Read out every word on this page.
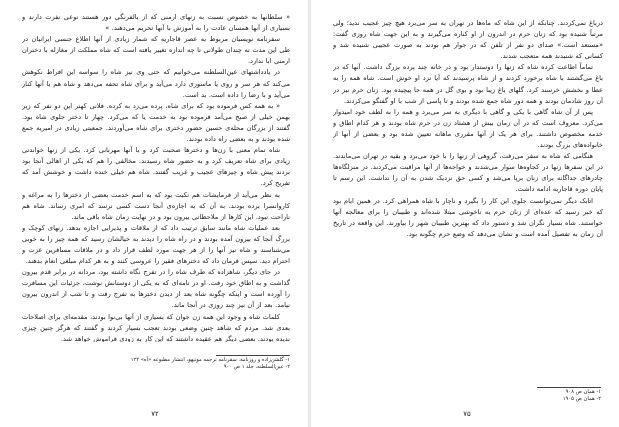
« سلطانها به خصوص نسبت به زنهای ارمنی که از بالفرنگی دور هستند نوعی نفرت دارند و بسیاری از آنها همسان عادت را به آموزش با آنها تحریم می‌دهند. »

سفرنامه نویسیان مربوط به عصر قاجاریه که شمار زیادی از آنها اطلاع جنسی ایرانیان در طی این مدت نه چندان طولانی تا چه اندازه تغییر یافته است که شاه مملکت از مغازله با دختران ارمنی ابا ندارد.

در یادداشتهای عین‌السلطنه می‌خوانیم که حتی وی نیز شاه را سواسه این افراط نکوهش می‌کند که هر سر و روی یا ماسوری دارد می‌آید و برای شاه تحفه می‌دهد و شاه هم با آنها کنار می‌آید و با رضا را داده است. بد است.

« به همه کس فرموده بود که برای شاه، پرده می‌زد به کرده. فلانی کهتر این دو نفر که زیر بهمن خیلی از صبح می‌آمد فرموده بود به خدمت یا که می‌کرد. چهار تا دختر جلوی شاه بود. گفتند از بزرگان محله‌ی حسین حضور دختری برای شاه می‌آوردند. جمعیتی زیادی در امیریه جمع شده بودند و به بعضی راه داده بودند.

شاه تمام معنی با زن‌ها و دخترها صحبت کرد و با آنها مهربانی کرد. یکی از زنها خواندنی زیادی برای شاه تعریف کرد و به حضور شاه رسیدند. مخالفی را هم که یکی از اهالی آنجا بود بردند پیش شاه و چیزهای عجیب و غریب گفتند. شاه هم خیلی خنده داشت و خوشش آمد که تفریح کرد.

به نظر می‌آید از فرمایشات هم نکبت بود که به اسم خدمت بعضی از دخترها را به مراغه و کاروانسرا برده بودند. به آن که به اجازه‌ی آنجا دست کسی نرسد که امری رساند. شاه هم ناراحت نبود. این کارها از ملاحظاتی بیرون بود و در نهایت زمان شاه باقی ماند.

بعد عملیات شاه مانند سابق ترتیب داد که از ملاقات و پذیرایی اجازه بدهد. زنهای کوچک و بزرگ آنجا که بیرون آمده بودند و در راه شاه را دیدند به خیالشان رسید که همه چیز را به خوبی می‌شناسند و شاه نیز آنها را از هر جهت مورد لطف قرار داد و در ملاقات مسافرین عزت و احترام دید. سپس فرمان داد که دخترهای فقیر را عروسی کنند و به هر کدام مبلغی انعام بدهند.

در جای دیگر، شاهزاده که طرف شاه را در تفرج نگاه داشته بود، مردانه در برابر قدم بیرون گذاشت و به اطاق خود رفت. او در نامه‌ای که به یکی از دوستانش نوشت، جزئیات این مسافرت را آورده است و اینکه چگونه شاه بعد از دیدن دخترها به تفرج رفت و تا شب از اندرون بیرون نیامد. بعد از آن نیز چند روزی در آنجا ماند.

کلمات شاه و وجود این همه زن جوان که بسیاری از آنها بی‌نوا بودند، مقدمه‌ای برای اصلاحات بعدی شد. مردم که شاهد چنین وضعی بودند تعجب بسیار کردند و گفتند که هرگز چنین چیزی ندیده بودند. بعضی دیگر هم عقیده داشتند که این کار به زودی فراموش خواهد شد.

۱- گلشن‌زاده و روزنامه. سفرنامه ترجمه مونیهو، انتشار مطبوعه «آه» ۱۲۲
۲- عین‌السلطنه، جلد ۱ ص ۹۰۰
۷۲

درباغ نمی‌کردند. چنانکه از این شاه که ماه‌ها در تهران به سر می‌برد هیچ چیز عجیب ندید؛ ولی مرتباً شنیده بود که زنان حرم در اندرون از او کناره می‌گیرند و به این جهت شاه روزی گفت: «مستعد است.» صدای دو نفر از تلفن که در جوار هم بودند به صورت عجیبی شنیده شد و کسانی که شنیدند همه متعجب شدند.

تماماً اطاعت کرده شاه که زنها را دوستدار بود و در خانه چند پرده بزرگ داشت. آنها که در باغ می‌گشتند با شاه برخورد کردند و از شاه پرسیدند که آیا نزد او خوش است. شاه همه را به عطا و بخشش خرسند کرد. گلهای باغ زیبا بود و بوی گل در همه جا پیچیده بود. زنان حرم نیز در آن روز شادمان بودند و همه دور شاه جمع شده بودند و تا پاسی از شب با او گفتگو می‌کردند.

پس از آن شاه گاهی با یکی و گاهی با دیگری به سر می‌برد و همه را به لطف خود امیدوار می‌کرد. معروف است که در آن زمان بیش از هشتاد زن در حرم شاه بودند و هر کدام اطاق و خدمه مخصوص داشتند. برای هر یک از آنها مقرری ماهانه تعیین شده بود و بعضی از آنها از خانواده‌های بزرگ بودند.

هنگامی که شاه به سفر می‌رفت، گروهی از زنها را با خود می‌برد و بقیه در تهران می‌ماندند. در این سفرها زنها در کجاوه‌ها سوار می‌شدند و خواجه‌ها از آنها مراقبت می‌کردند. در منزلگاه‌ها چادرهای جداگانه برای زنان برپا می‌شد و کسی حق نزدیک شدن به آن را نداشت. این رسم تا پایان دوره قاجاریه ادامه داشت.

اتابک دیگر نمی‌توانست جلوی این کار را بگیرد و ناچار با شاه همراهی کرد. در همین ایام بود که خبر رسید که عده‌ای از زنان حرم به ناخوشی مبتلا شده‌اند و طبیبان را برای معالجه آنها خواستند. شاه بسیار نگران شد و دستور داد که بهترین طبیبان شهر را بیاورند. این واقعه در تاریخ آن زمان به تفصیل آمده است و نشان می‌دهد که وضع حرم چگونه بود.

۱- همان ص ۹۰۸
۲- همان ص ۱۹۰۵
۷۵
